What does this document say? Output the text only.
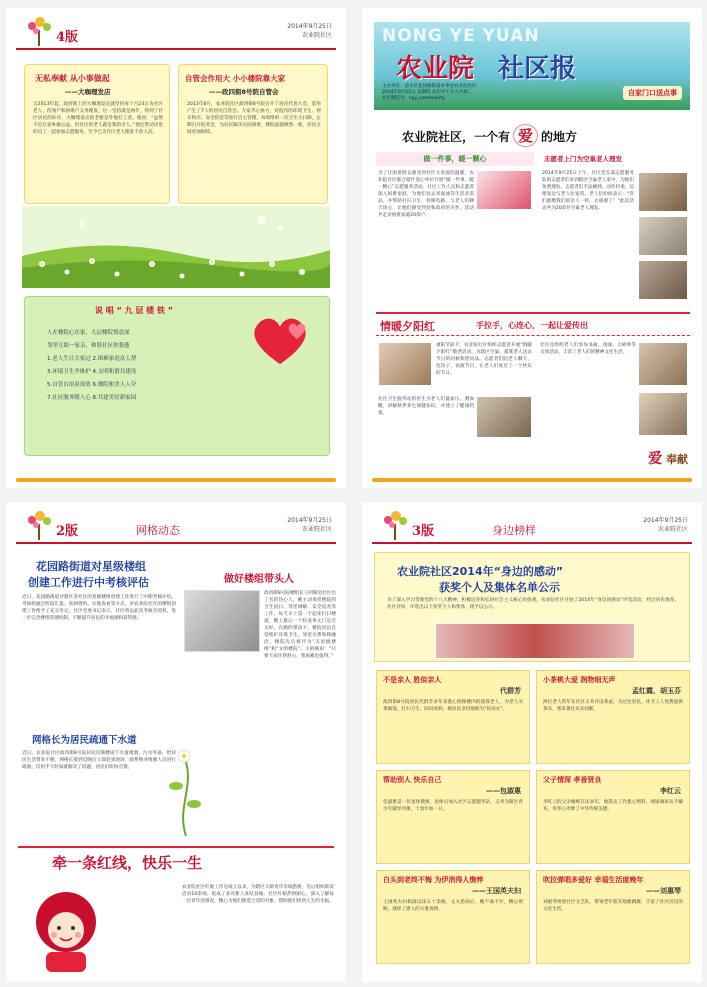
4版
2014年9月25日
农业院社区
无私奉献 从小事做起
——大咖理发店
自2013年起，政府街上的大咖理发店就坚持每个月23日为社区老人、伤残户和困难户义务理发，这一坚持就是两年，得到了社区居民的好评。大咖理发店的老板是外地打工者，他说：“虽然不是在家乡做公益，但社区的老人就是我的亲人。”他还带动店里的员工一起参加志愿服务，至今已为社区老人理发千余人次。
自管会作用大 小小楼院靠大家
——政四街8号院自管会
2013年8月，农业院社区政四街8号院召开了居民代表大会，选举产生了7人的居民自管会。大家齐心协力，对院内的环境卫生、停车秩序、安全防范等进行自主管理，每周组织一次卫生大扫除，定期召开院务会，为居民解决实际困难，楼院面貌焕然一新，居民之间更加和睦。
说 唱 “ 九 层 楼 铁 ”
人在楼院心在家，九层楼院情意深
邻里互助一家亲，和谐社区你我他
1.老人生日大家过 2.困难家庭众人帮
3.环境卫生齐维护 4.文明和谐共建设
5.自管自治显成效 6.楼院和美人人夸
7.社区服务暖人心 8.共建美好新家园
NONG YE YUAN
农业院 社区报
主办单位：金水区花园路街道办事处农业院社区
2014年9月25日 星期四 农历甲午年九月初二
社区微信号：nyy_community
自家门口送点事
农业院社区，一个有 爱 的地方
做一件事，暖一颗心	志愿者上门为空巢老人理发
为了让困难群众感受到社区大家庭的温暖，农业院社区联合辖区爱心单位开展“做一件事，暖一颗心”志愿服务活动。社区工作人员和志愿者深入困难家庭，为他们送去米面油等生活必需品，并帮助打扫卫生、检修电路，与老人们聊天谈心，让他们感受到党和政府的关怀。活动共走访困难家庭20余户。
2014年9月25日上午，社区党支部志愿服务队的志愿者们来到辖区空巢老人家中，为他们免费理发。志愿者们手法娴熟，动作轻柔，边理发边与老人拉家常。老人们纷纷表示：“你们就像我们的亲人一样，太感谢了！”此次活动共为20余位空巢老人理发。
情暖夕阳红	手拉手，心连心，一起让爱传出
重阳节前夕，农业院社区组织志愿者开展“情暖夕阳红”敬老活动，为辖区空巢、孤寡老人送去节日的问候和慰问品。志愿者们陪老人聊天、包饺子、表演节目，让老人们度过了一个快乐的节日。
社区卫生服务站的医生为老人们量血压、测血糖，讲解秋季养生保健知识，并建立了健康档案。
社区还组织老人们参加书画、戏曲、太极拳等文体活动，丰富了老人们的精神文化生活。
爱 奉献
2版	网格动态
2014年9月25日
农业院社区
花园路街道对星级楼组
创建工作进行中考核评估
近日，花园路街道对辖区各社区的星级楼组创建工作进行了中期考核评估。考核组通过听取汇报、查阅资料、实地查看等方式，对农业院社区的楼组创建工作给予了充分肯定。社区党委书记表示，社区将以此次考核为契机，进一步完善楼组管理机制，不断提升居民的幸福感和获得感。
网格长为居民疏通下水道
近日，农业院社区政四街8号院居民反映楼道下水道堵塞，污水外溢，给居民生活带来不便。网格长接到反映后立即赶到现场，联系物业维修人员进行疏通，仅用半天时间就解决了问题，居民们纷纷点赞。
做好楼组带头人
政四街8号院楼组长王阿姨是社区出了名的热心人。她主动承担楼院的卫生清扫、邻里调解、安全巡查等工作，每天早上第一个起床打扫楼道，晚上最后一个检查单元门是否关好。在她的带动下，楼院居民自觉维护环境卫生，邻里关系和睦融洽，楼院先后被评为“五星级楼组”和“文明楼院”。王阿姨说：“只要大家住得舒心，我再累也值得。”
牵一条红线，快乐一生
农业院社区红娘工作室成立以来，为辖区大龄青年牵线搭桥，先后组织联谊活动10余场，促成了多对新人喜结良缘。社区红娘热情耐心，深入了解每一位青年的情况，精心为他们挑选合适的对象，帮助他们找到人生的幸福。
3版	身边榜样
2014年9月25日
农业院社区
农业院社区2014年“身边的感动”
获奖个人及集体名单公示
为了深入学习贯彻党的十八大精神，积极培育和弘扬社会主义核心价值观，农业院社区开展了2014年“身边的感动”评选活动，经过居民推荐、社区评审，评选出以下获奖个人和集体，现予以公示。
不是亲人 胜似亲人
代群芳
政四街8号院居民代群芳多年来悉心照顾楼内的孤寡老人，为老人买菜做饭、打扫卫生、陪同看病，被居民亲切地称为“好闺女”。
小茶桃大爱 润物细无声
孟红霞、胡玉芬
两位老人常年在社区义务开设茶桌，为过往居民、环卫工人免费提供茶水，寒来暑往从未间断。
帮助别人 快乐自己
——包淑惠
包淑惠是一位退休教师，退休后加入社区志愿服务队，义务为辖区青少年辅导功课，十余年如一日。
父子情深 孝善贤良
李红云
李红云的父亲瘫痪在床多年，他辞去工作悉心照料，端屎端尿从不嫌弃，用孝心诠释了中华传统美德。
白头到老终不悔 为伊消得人憔悴
——王国英夫妇
王国英夫妇相濡以沫五十余载，丈夫患病后，她不离不弃，精心照顾，演绎了感人的夫妻真情。
吹拉弹唱多爱好 幸福生活度晚年
——刘惠琴
刘惠琴组建社区文艺队，带领老年朋友唱歌跳舞，丰富了社区居民的文化生活。
